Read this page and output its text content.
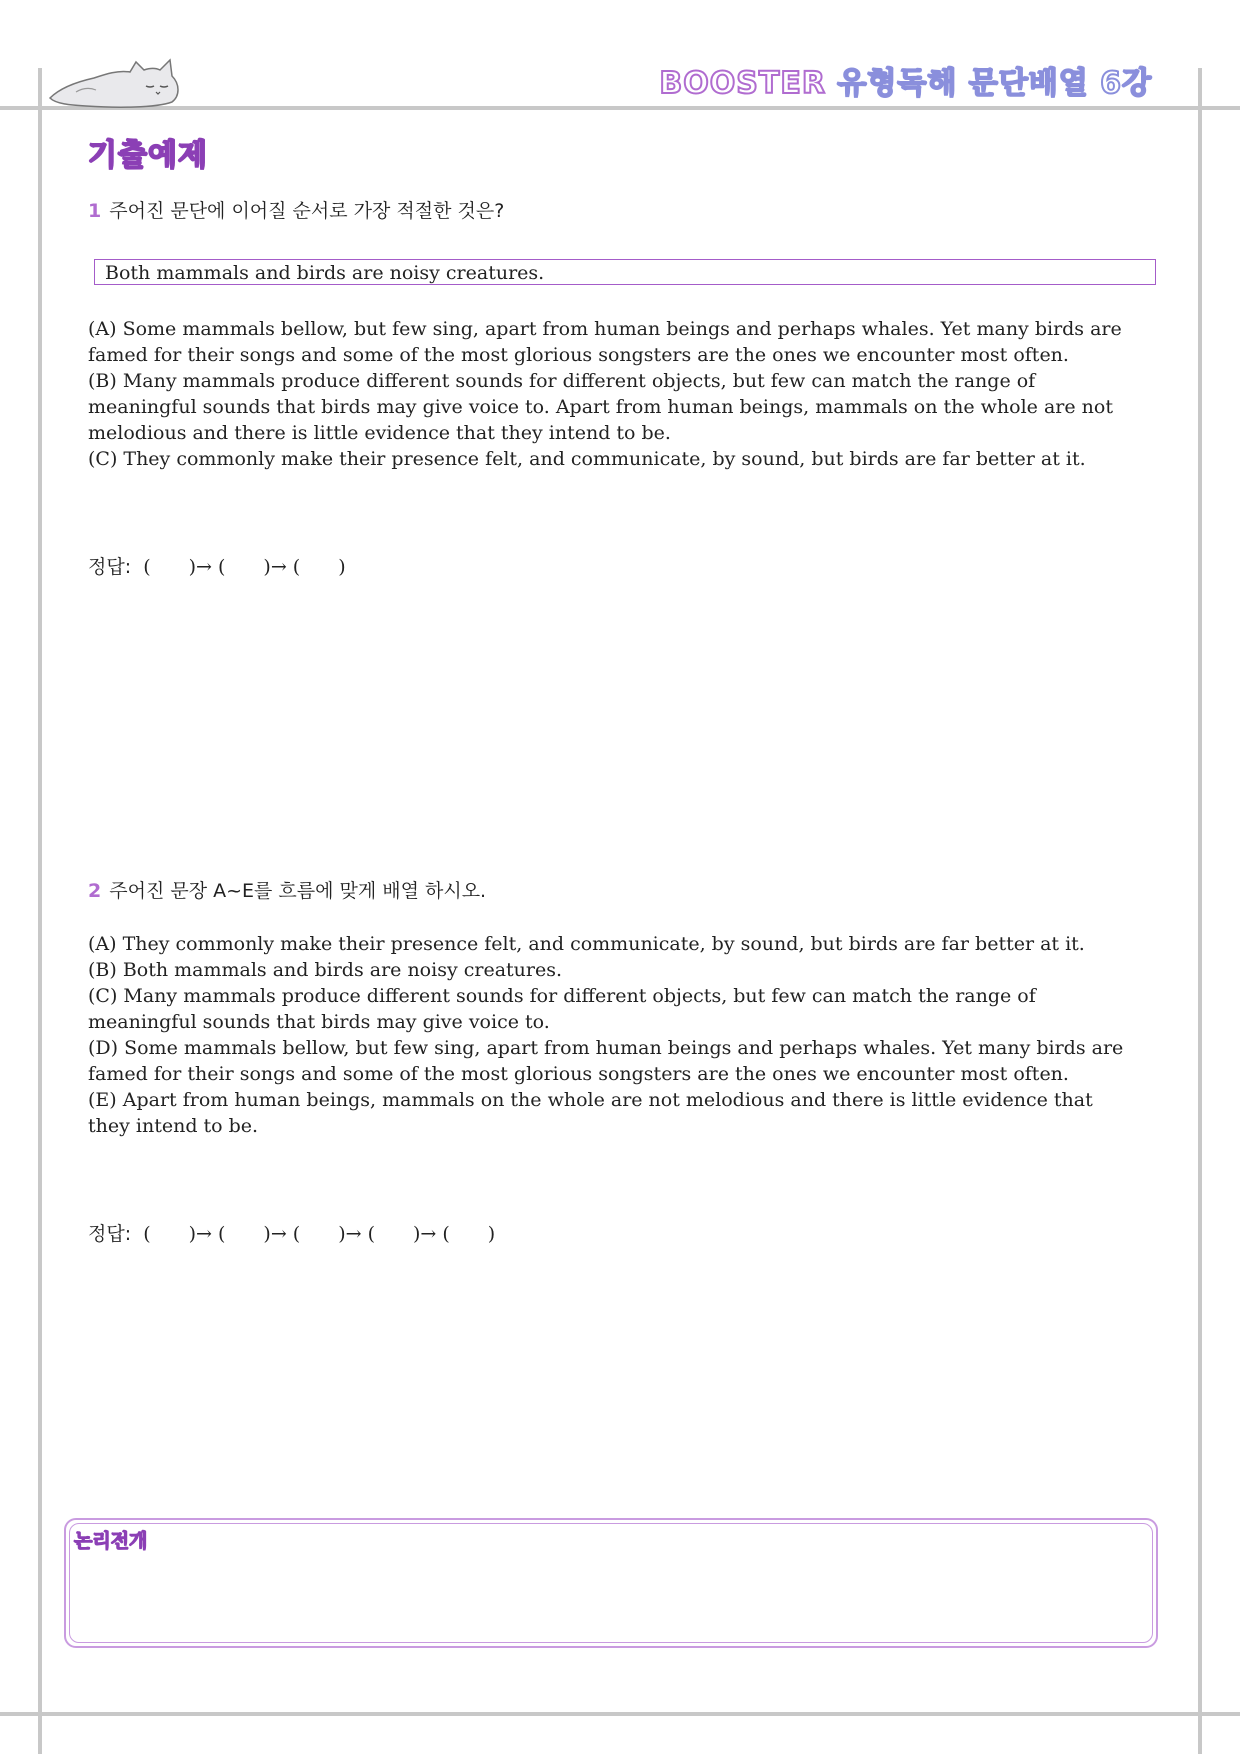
BOOSTER 유형독해 문단배열 6강
기출예제
1 주어진 문단에 이어질 순서로 가장 적절한 것은?
Both mammals and birds are noisy creatures.

(A) Some mammals bellow, but few sing, apart from human beings and perhaps whales. Yet many birds are famed for their songs and some of the most glorious songsters are the ones we encounter most often.

(B) Many mammals produce different sounds for different objects, but few can match the range of meaningful sounds that birds may give voice to. Apart from human beings, mammals on the whole are not melodious and there is little evidence that they intend to be.

(C) They commonly make their presence felt, and communicate, by sound, but birds are far better at it.

정답: (　　)→ (　　)→ (　　)
2 주어진 문장 A~E를 흐름에 맞게 배열 하시오.

(A) They commonly make their presence felt, and communicate, by sound, but birds are far better at it.

(B) Both mammals and birds are noisy creatures.

(C) Many mammals produce different sounds for different objects, but few can match the range of meaningful sounds that birds may give voice to.

(D) Some mammals bellow, but few sing, apart from human beings and perhaps whales. Yet many birds are famed for their songs and some of the most glorious songsters are the ones we encounter most often.

(E) Apart from human beings, mammals on the whole are not melodious and there is little evidence that they intend to be.

정답: (　　)→ (　　)→ (　　)→ (　　)→ (　　)
논리전개
